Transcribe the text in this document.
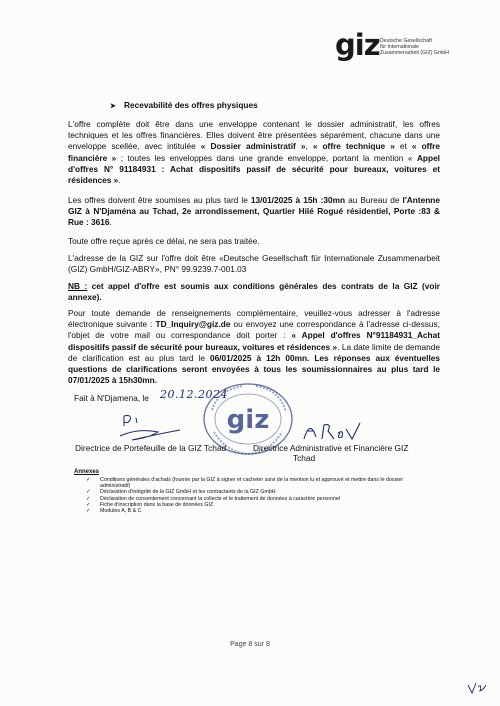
giz Deutsche Gesellschaft
für Internationale
Zusammenarbeit (GIZ) GmbH
➤ Recevabilité des offres physiques

L'offre complète doit être dans une enveloppe contenant le dossier administratif, les offres techniques et les offres financières. Elles doivent être présentées séparément, chacune dans une enveloppe scellée, avec intitulée « Dossier administratif », « offre technique » et « offre financière » ; toutes les enveloppes dans une grande enveloppe, portant la mention « Appel d'offres N° 91184931 : Achat dispositifs passif de sécurité pour bureaux, voitures et résidences ».

Les offres doivent être soumises au plus tard le 13/01/2025 à 15h :30mn au Bureau de l'Antenne GIZ à N'Djaména au Tchad, 2e arrondissement, Quartier Hilé Rogué résidentiel, Porte :83 & Rue : 3616.

Toute offre reçue après ce délai, ne sera pas traitée.

L'adresse de la GIZ sur l'offre doit être «Deutsche Gesellschaft für Internationale Zusammenarbeit (GIZ) GmbH/GIZ-ABRY», PN° 99.9239.7-001.03

NB : cet appel d'offre est soumis aux conditions générales des contrats de la GIZ (voir annexe).

Pour toute demande de renseignements complémentaire, veuillez-vous adresser à l'adresse électronique suivante : TD_Inquiry@giz.de ou envoyez une correspondance à l'adresse ci-dessus, l'objet de votre mail ou correspondance doit porter : « Appel d'offres N°91184931_Achat dispositifs passif de sécurité pour bureaux, voitures et résidences ». La date limite de demande de clarification est au plus tard le 06/01/2025 à 12h 00mn. Les réponses aux éventuelles questions de clarifications seront envoyées à tous les soumissionnaires au plus tard le 07/01/2025 à 15h30mn.

Fait à N'Djamena, le 20.12.2024
giz
Directrice de Portefeuille de la GIZ Tchad	Directrice Administrative et Financière GIZ
Tchad
Annexes
✓ Conditions générales d'achats (fournie par la GIZ à signer et cacheter suivi de la mention lu et approuvé et mettre dans le dossier administratif)
✓ Déclaration d'intégrité de la GIZ GmbH et les contractants de la GIZ GmbH
✓ Déclaration de consentement concernant la collecte et le traitement de données à caractère personnel
✓ Fiche d'inscription dans la base de données GIZ
✓ Modules A, B & C
Page 8 sur 8
